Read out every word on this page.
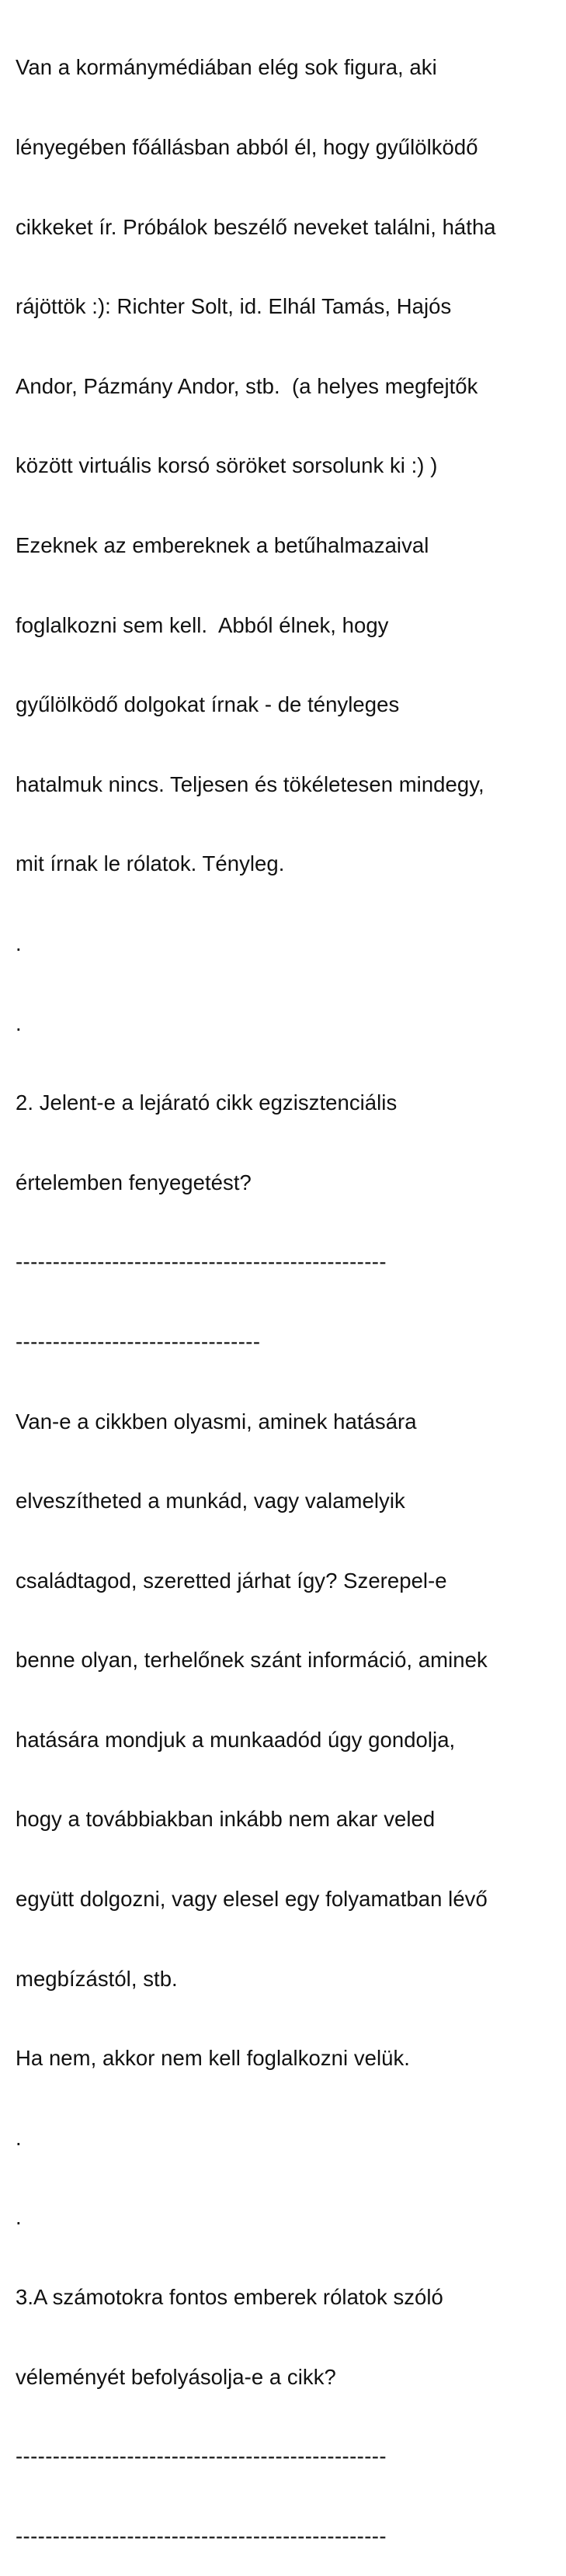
Van a kormánymédiában elég sok figura, aki

lényegében főállásban abból él, hogy gyűlölködő

cikkeket ír. Próbálok beszélő neveket találni, hátha

rájöttök :): Richter Solt, id. Elhál Tamás, Hajós

Andor, Pázmány Andor, stb.  (a helyes megfejtők

között virtuális korsó söröket sorsolunk ki :) )

Ezeknek az embereknek a betűhalmazaival

foglalkozni sem kell.  Abból élnek, hogy

gyűlölködő dolgokat írnak - de tényleges

hatalmuk nincs. Teljesen és tökéletesen mindegy,

mit írnak le rólatok. Tényleg.

.

.

2. Jelent-e a lejárató cikk egzisztenciális

értelemben fenyegetést?

--------------------------------------------------

---------------------------------

Van-e a cikkben olyasmi, aminek hatására

elveszítheted a munkád, vagy valamelyik

családtagod, szeretted járhat így? Szerepel-e

benne olyan, terhelőnek szánt információ, aminek

hatására mondjuk a munkaadód úgy gondolja,

hogy a továbbiakban inkább nem akar veled

együtt dolgozni, vagy elesel egy folyamatban lévő

megbízástól, stb.

Ha nem, akkor nem kell foglalkozni velük.

.

.

3.A számotokra fontos emberek rólatok szóló

véleményét befolyásolja-e a cikk?

--------------------------------------------------

--------------------------------------------------
